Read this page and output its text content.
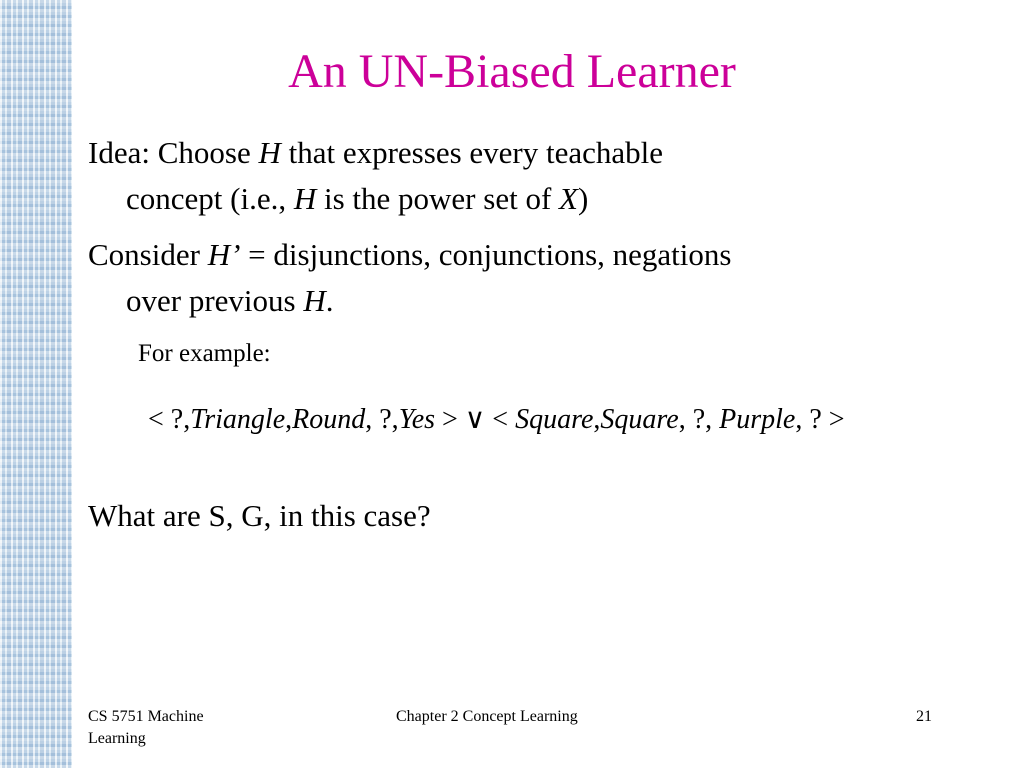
An UN-Biased Learner
Idea: Choose H that expresses every teachable
concept (i.e., H is the power set of X)
Consider H’ = disjunctions, conjunctions, negations
over previous H.
For example:
< ?,Triangle,Round, ?,Yes > ∨ < Square,Square, ?, Purple, ? >
What are S, G, in this case?
CS 5751 Machine Learning
Chapter 2 Concept Learning	21
